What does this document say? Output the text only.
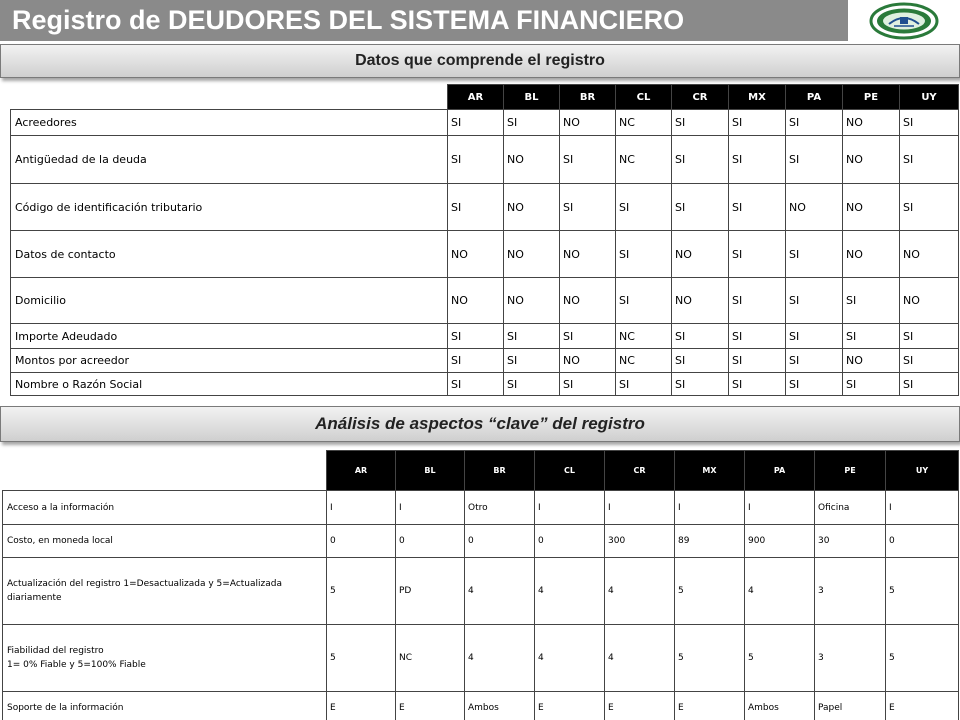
Registro de DEUDORES DEL SISTEMA FINANCIERO
Datos que comprende el registro
	AR	BL	BR	CL	CR	MX	PA	PE	UY
Acreedores	SI	SI	NO	NC	SI	SI	SI	NO	SI
Antigüedad de la deuda	SI	NO	SI	NC	SI	SI	SI	NO	SI
Código de identificación tributario	SI	NO	SI	SI	SI	SI	NO	NO	SI
Datos de contacto	NO	NO	NO	SI	NO	SI	SI	NO	NO
Domicilio	NO	NO	NO	SI	NO	SI	SI	SI	NO
Importe Adeudado	SI	SI	SI	NC	SI	SI	SI	SI	SI
Montos por acreedor	SI	SI	NO	NC	SI	SI	SI	NO	SI
Nombre o Razón Social	SI	SI	SI	SI	SI	SI	SI	SI	SI
Análisis de aspectos “clave” del registro
	AR	BL	BR	CL	CR	MX	PA	PE	UY
Acceso a la información	I	I	Otro	I	I	I	I	Oficina	I
Costo, en moneda local	0	0	0	0	300	89	900	30	0
Actualización del registro 1=Desactualizada y 5=Actualizada diariamente	5	PD	4	4	4	5	4	3	5
Fiabilidad del registro
1= 0% Fiable y 5=100% Fiable	5	NC	4	4	4	5	5	3	5
Soporte de la información	E	E	Ambos	E	E	E	Ambos	Papel	E
